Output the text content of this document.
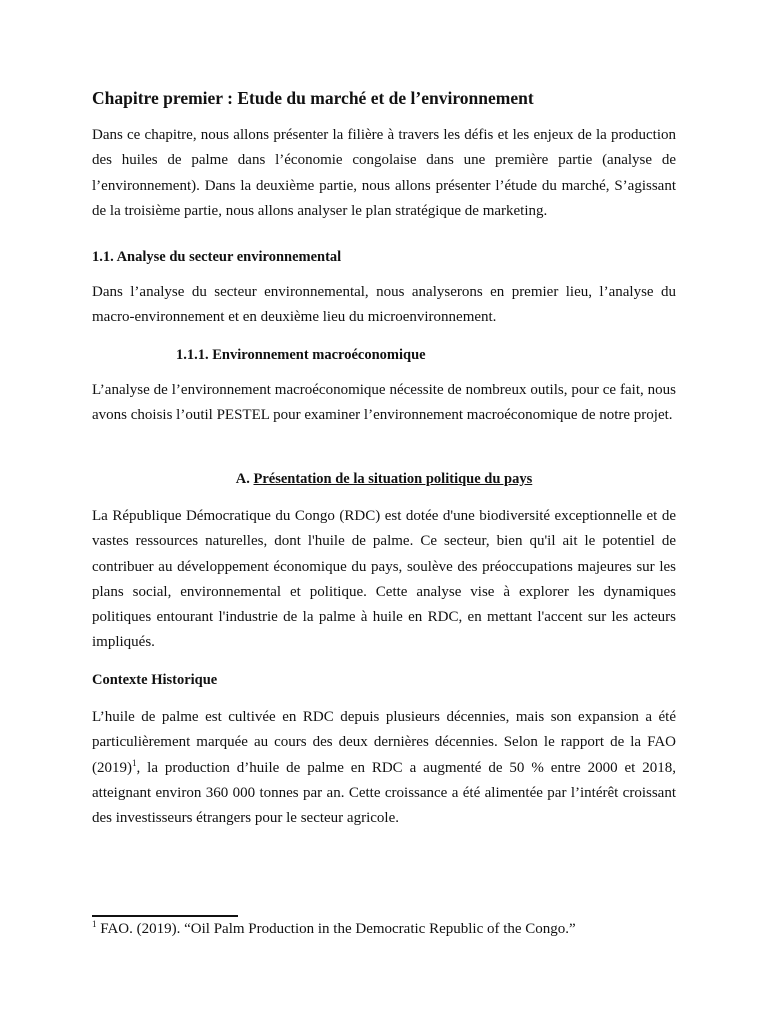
Chapitre premier : Etude du marché et de l’environnement

Dans ce chapitre, nous allons présenter la filière à travers les défis et les enjeux de la production des huiles de palme dans l’économie congolaise dans une première partie (analyse de l’environnement). Dans la deuxième partie, nous allons présenter l’étude du marché, S’agissant de la troisième partie, nous allons analyser le plan stratégique de marketing.

1.1. Analyse du secteur environnemental

Dans l’analyse du secteur environnemental, nous analyserons en premier lieu, l’analyse du macro-environnement et en deuxième lieu du microenvironnement.

1.1.1. Environnement macroéconomique

L’analyse de l’environnement macroéconomique nécessite de nombreux outils, pour ce fait, nous avons choisis l’outil PESTEL pour examiner l’environnement macroéconomique de notre projet.

A. Présentation de la situation politique du pays

La République Démocratique du Congo (RDC) est dotée d'une biodiversité exceptionnelle et de vastes ressources naturelles, dont l'huile de palme. Ce secteur, bien qu'il ait le potentiel de contribuer au développement économique du pays, soulève des préoccupations majeures sur les plans social, environnemental et politique. Cette analyse vise à explorer les dynamiques politiques entourant l'industrie de la palme à huile en RDC, en mettant l'accent sur les acteurs impliqués.

Contexte Historique

L’huile de palme est cultivée en RDC depuis plusieurs décennies, mais son expansion a été particulièrement marquée au cours des deux dernières décennies. Selon le rapport de la FAO $(2019)^1$, la production d’huile de palme en RDC a augmenté de 50 % entre 2000 et 2018, atteignant environ 360 000 tonnes par an. Cette croissance a été alimentée par l’intérêt croissant des investisseurs étrangers pour le secteur agricole.

$^1$ FAO. (2019). “Oil Palm Production in the Democratic Republic of the Congo.”
